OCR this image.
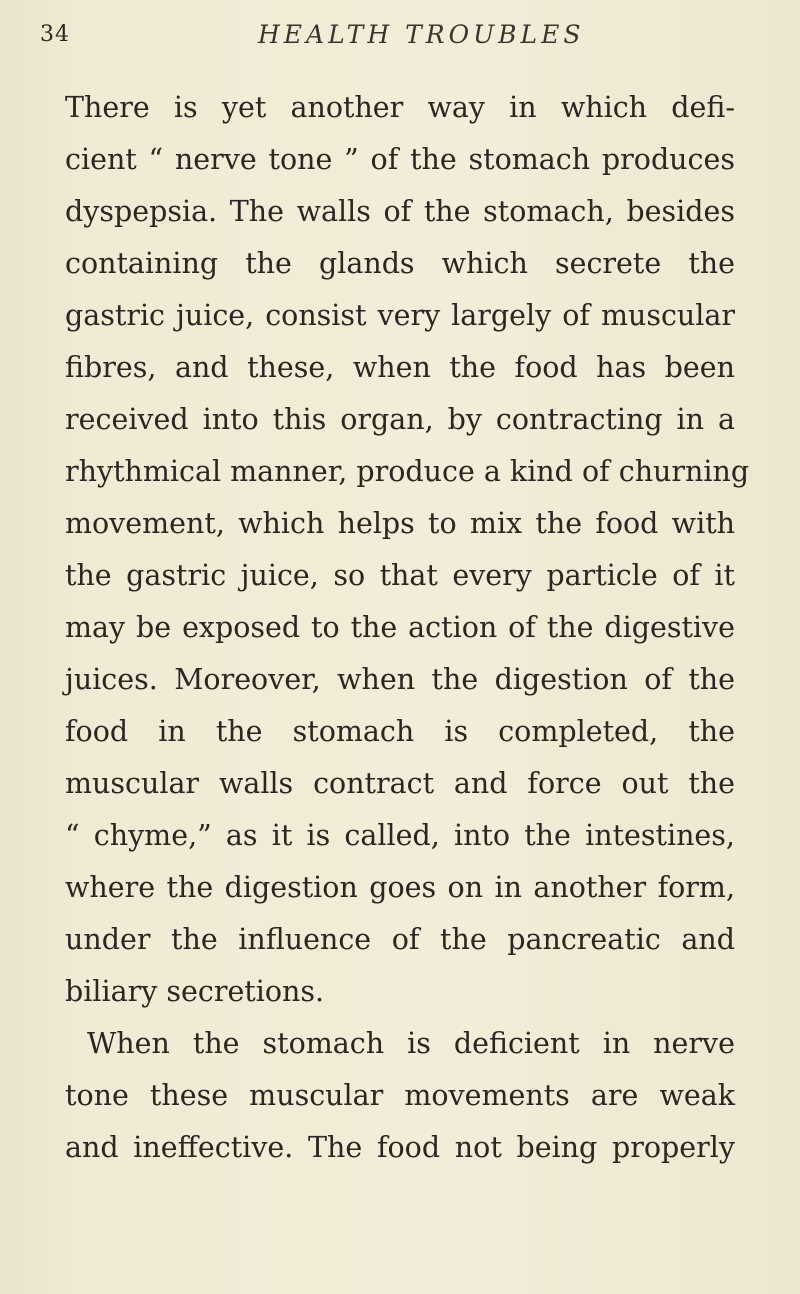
34	HEALTH TROUBLES
There is yet another way in which defi-
cient “ nerve tone ” of the stomach produces
dyspepsia. The walls of the stomach, besides
containing the glands which secrete the
gastric juice, consist very largely of muscular
fibres, and these, when the food has been
received into this organ, by contracting in a
rhythmical manner, produce a kind of churning
movement, which helps to mix the food with
the gastric juice, so that every particle of it
may be exposed to the action of the digestive
juices. Moreover, when the digestion of the
food in the stomach is completed, the
muscular walls contract and force out the
“ chyme,” as it is called, into the intestines,
where the digestion goes on in another form,
under the influence of the pancreatic and
biliary secretions.
When the stomach is deficient in nerve
tone these muscular movements are weak
and ineffective. The food not being properly
